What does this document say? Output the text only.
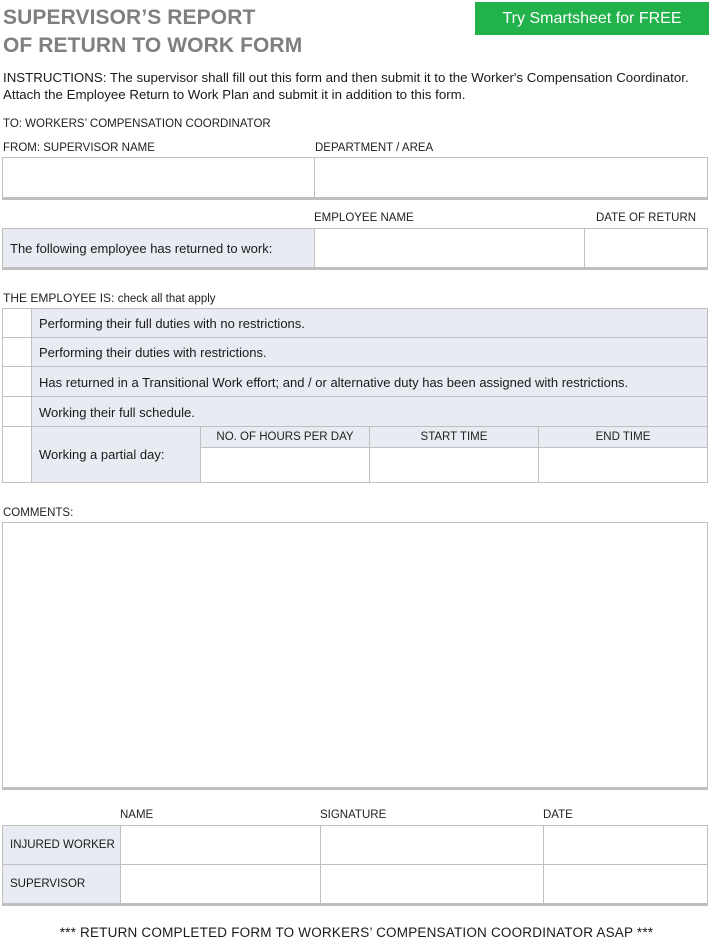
SUPERVISOR’S REPORT
OF RETURN TO WORK FORM
Try Smartsheet for FREE
INSTRUCTIONS: The supervisor shall fill out this form and then submit it to the Worker's Compensation Coordinator. Attach the Employee Return to Work Plan and submit it in addition to this form.
TO: WORKERS’ COMPENSATION COORDINATOR
FROM: SUPERVISOR NAME	DEPARTMENT / AREA
EMPLOYEE NAME	DATE OF RETURN
The following employee has returned to work:
THE EMPLOYEE IS: check all that apply
Performing their full duties with no restrictions.
Performing their duties with restrictions.
Has returned in a Transitional Work effort; and / or alternative duty has been assigned with restrictions.
Working their full schedule.
Working a partial day:
NO. OF HOURS PER DAY	START TIME	END TIME
COMMENTS:
NAME	SIGNATURE	DATE
INJURED WORKER
SUPERVISOR
*** RETURN COMPLETED FORM TO WORKERS’ COMPENSATION COORDINATOR ASAP ***
